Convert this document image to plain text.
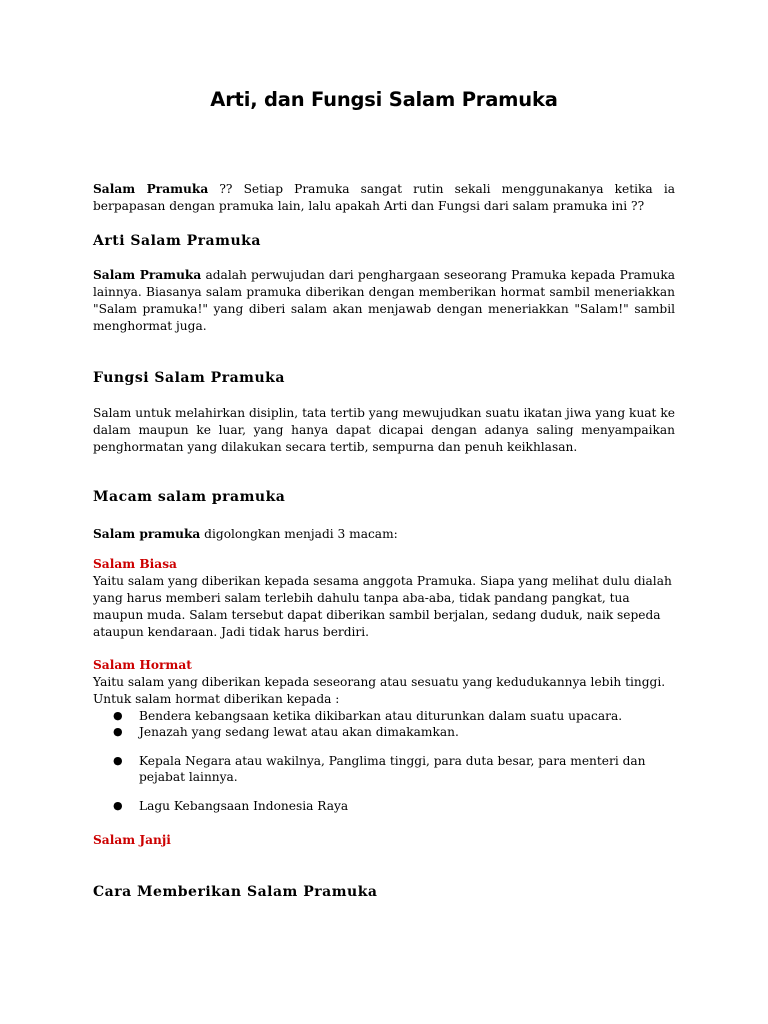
Arti, dan Fungsi Salam Pramuka

Salam Pramuka ?? Setiap Pramuka sangat rutin sekali menggunakanya ketika ia berpapasan dengan pramuka lain, lalu apakah Arti dan Fungsi dari salam pramuka ini ??

Arti Salam Pramuka

Salam Pramuka adalah perwujudan dari penghargaan seseorang Pramuka kepada Pramuka lainnya. Biasanya salam pramuka diberikan dengan memberikan hormat sambil meneriakkan "Salam pramuka!" yang diberi salam akan menjawab dengan meneriakkan "Salam!" sambil menghormat juga.

Fungsi Salam Pramuka

Salam untuk melahirkan disiplin, tata tertib yang mewujudkan suatu ikatan jiwa yang kuat ke dalam maupun ke luar, yang hanya dapat dicapai dengan adanya saling menyampaikan penghormatan yang dilakukan secara tertib, sempurna dan penuh keikhlasan.

Macam salam pramuka

Salam pramuka digolongkan menjadi 3 macam:

Salam Biasa

Yaitu salam yang diberikan kepada sesama anggota Pramuka. Siapa yang melihat dulu dialah yang harus memberi salam terlebih dahulu tanpa aba-aba, tidak pandang pangkat, tua maupun muda. Salam tersebut dapat diberikan sambil berjalan, sedang duduk, naik sepeda ataupun kendaraan. Jadi tidak harus berdiri.

Salam Hormat

Yaitu salam yang diberikan kepada seseorang atau sesuatu yang kedudukannya lebih tinggi. Untuk salam hormat diberikan kepada :

● Bendera kebangsaan ketika dikibarkan atau diturunkan dalam suatu upacara.
● Jenazah yang sedang lewat atau akan dimakamkan.
● Kepala Negara atau wakilnya, Panglima tinggi, para duta besar, para menteri dan pejabat lainnya.
● Lagu Kebangsaan Indonesia Raya

Salam Janji

Cara Memberikan Salam Pramuka
